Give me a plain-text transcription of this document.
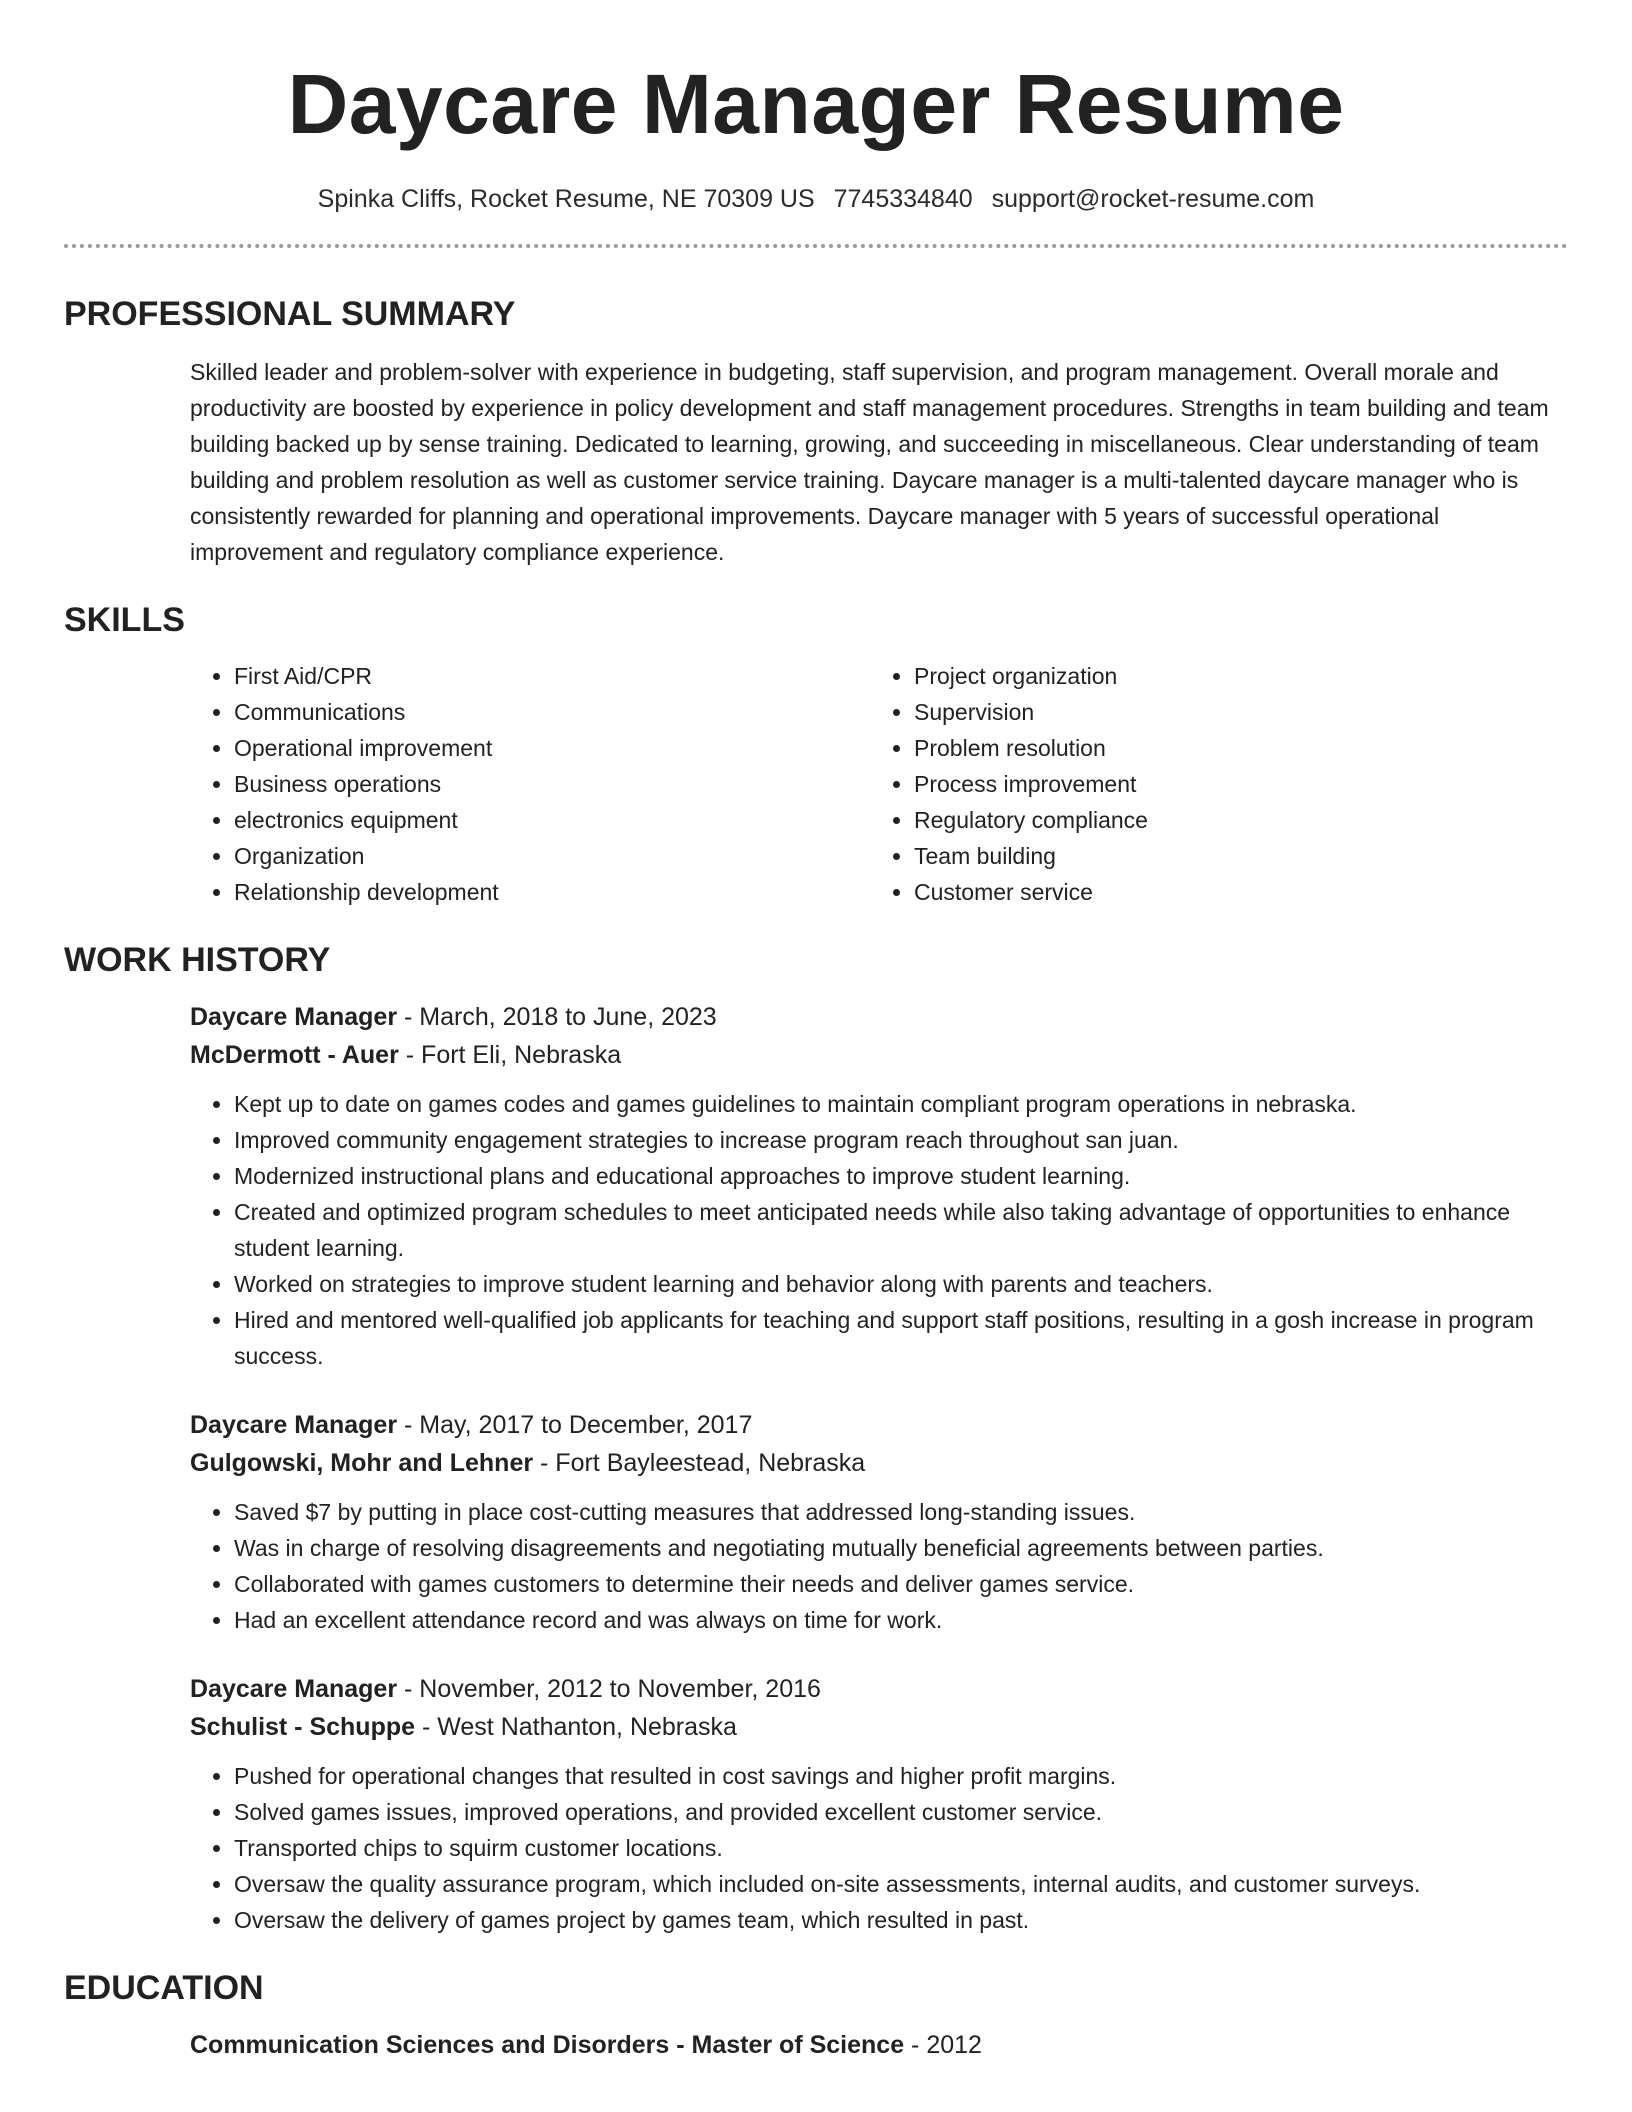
Daycare Manager Resume
Spinka Cliffs, Rocket Resume, NE 70309 US 7745334840 support@rocket-resume.com
PROFESSIONAL SUMMARY

Skilled leader and problem-solver with experience in budgeting, staff supervision, and program management. Overall morale and productivity are boosted by experience in policy development and staff management procedures. Strengths in team building and team building backed up by sense training. Dedicated to learning, growing, and succeeding in miscellaneous. Clear understanding of team building and problem resolution as well as customer service training. Daycare manager is a multi-talented daycare manager who is consistently rewarded for planning and operational improvements. Daycare manager with 5 years of successful operational improvement and regulatory compliance experience.

SKILLS
• First Aid/CPR
• Communications
• Operational improvement
• Business operations
• electronics equipment
• Organization
• Relationship development
• Project organization
• Supervision
• Problem resolution
• Process improvement
• Regulatory compliance
• Team building
• Customer service
WORK HISTORY
Daycare Manager - March, 2018 to June, 2023
McDermott - Auer - Fort Eli, Nebraska
• Kept up to date on games codes and games guidelines to maintain compliant program operations in nebraska.
• Improved community engagement strategies to increase program reach throughout san juan.
• Modernized instructional plans and educational approaches to improve student learning.
• Created and optimized program schedules to meet anticipated needs while also taking advantage of opportunities to enhance student learning.
• Worked on strategies to improve student learning and behavior along with parents and teachers.
• Hired and mentored well-qualified job applicants for teaching and support staff positions, resulting in a gosh increase in program success.
Daycare Manager - May, 2017 to December, 2017
Gulgowski, Mohr and Lehner - Fort Bayleestead, Nebraska
• Saved $7 by putting in place cost-cutting measures that addressed long-standing issues.
• Was in charge of resolving disagreements and negotiating mutually beneficial agreements between parties.
• Collaborated with games customers to determine their needs and deliver games service.
• Had an excellent attendance record and was always on time for work.
Daycare Manager - November, 2012 to November, 2016
Schulist - Schuppe - West Nathanton, Nebraska
• Pushed for operational changes that resulted in cost savings and higher profit margins.
• Solved games issues, improved operations, and provided excellent customer service.
• Transported chips to squirm customer locations.
• Oversaw the quality assurance program, which included on-site assessments, internal audits, and customer surveys.
• Oversaw the delivery of games project by games team, which resulted in past.
EDUCATION
Communication Sciences and Disorders - Master of Science - 2012
